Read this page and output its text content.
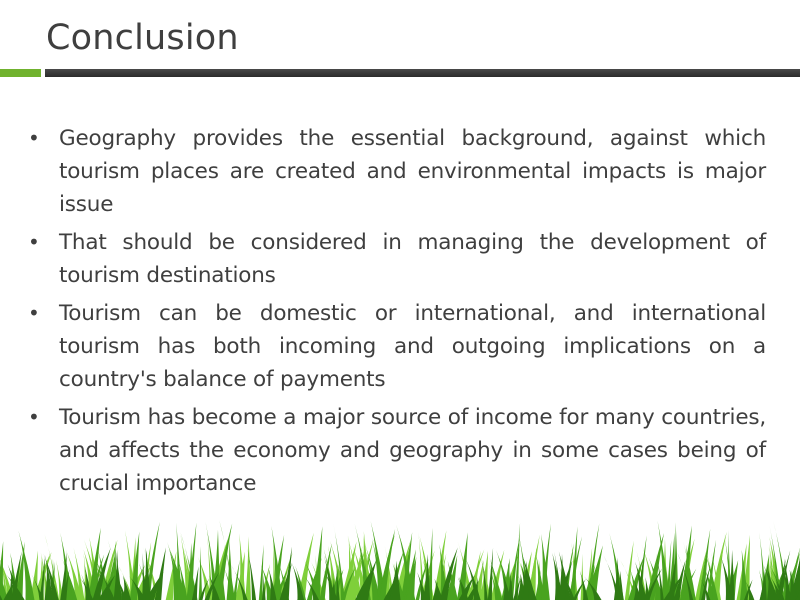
Conclusion
• Geography provides the essential background, against which tourism places are created and environmental impacts is major issue
• That should be considered in managing the development of tourism destinations
• Tourism can be domestic or international, and international tourism has both incoming and outgoing implications on a country's balance of payments
• Tourism has become a major source of income for many countries, and affects the economy and geography in some cases being of crucial importance
